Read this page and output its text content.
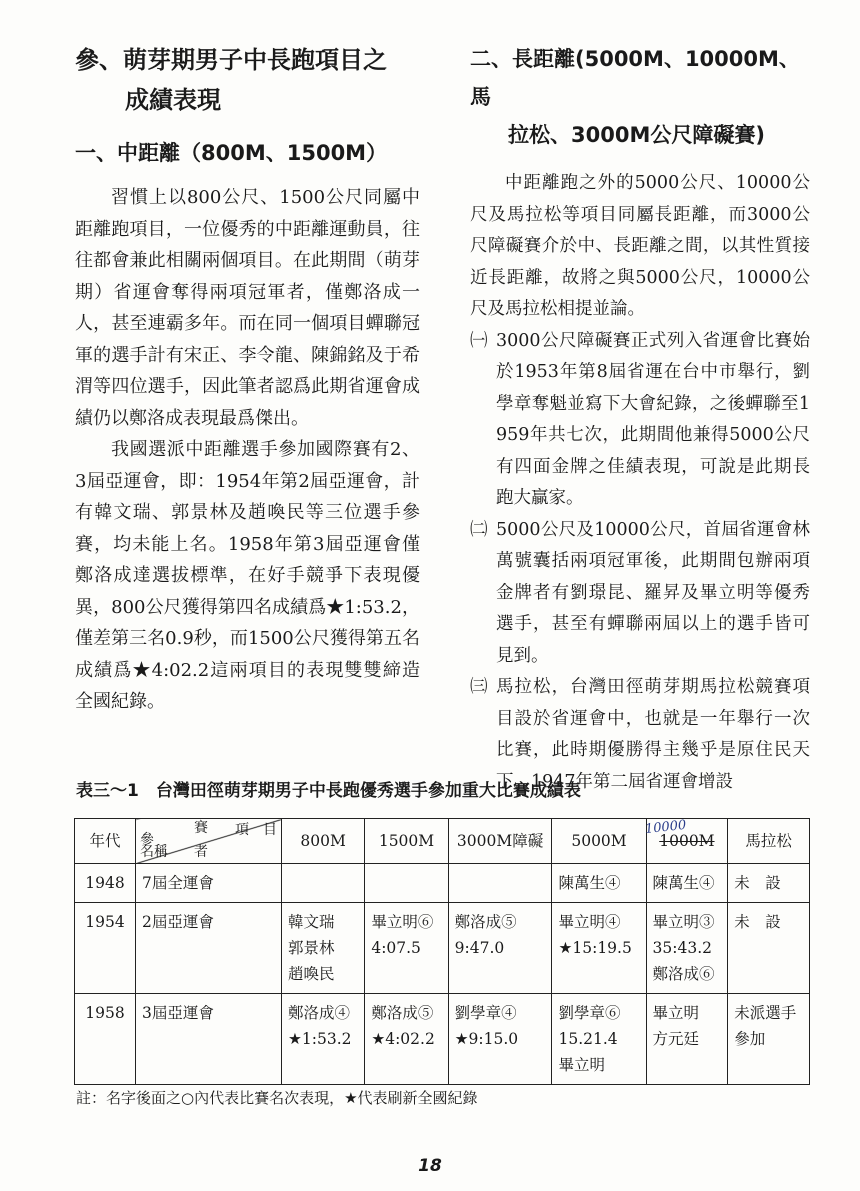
參、萌芽期男子中長跑項目之
成績表現
一、中距離（800M、1500M）

習慣上以800公尺、1500公尺同屬中距離跑項目，一位優秀的中距離運動員，往往都會兼此相關兩個項目。在此期間（萌芽期）省運會奪得兩項冠軍者，僅鄭洛成一人，甚至連霸多年。而在同一個項目蟬聯冠軍的選手計有宋正、李令龍、陳錦銘及于希渭等四位選手，因此筆者認爲此期省運會成績仍以鄭洛成表現最爲傑出。

我國選派中距離選手參加國際賽有2、3屆亞運會，即：1954年第2屆亞運會，計有韓文瑞、郭景林及趙喚民等三位選手參賽，均未能上名。1958年第3屆亞運會僅鄭洛成達選拔標準，在好手競爭下表現優異，800公尺獲得第四名成績爲★1:53.2，僅差第三名0.9秒，而1500公尺獲得第五名成績爲★4:02.2這兩項目的表現雙雙締造全國紀錄。

二、長距離(5000M、10000M、馬
拉松、3000M公尺障礙賽)

中距離跑之外的5000公尺、10000公尺及馬拉松等項目同屬長距離，而3000公尺障礙賽介於中、長距離之間，以其性質接近長距離，故將之與5000公尺，10000公尺及馬拉松相提並論。

㈠ 3000公尺障礙賽正式列入省運會比賽始於1953年第8屆省運在台中市舉行，劉學章奪魁並寫下大會紀錄，之後蟬聯至1959年共七次，此期間他兼得5000公尺有四面金牌之佳績表現，可說是此期長跑大贏家。
㈡ 5000公尺及10000公尺，首屆省運會林萬號囊括兩項冠軍後，此期間包辦兩項金牌者有劉璟昆、羅昇及畢立明等優秀選手，甚至有蟬聯兩屆以上的選手皆可見到。
㈢ 馬拉松，台灣田徑萌芽期馬拉松競賽項目設於省運會中，也就是一年舉行一次比賽，此時期優勝得主幾乎是原住民天下。1947年第二屆省運會增設

表三～1　台灣田徑萌芽期男子中長跑優秀選手參加重大比賽成績表

年代	參
賽
者
名稱
項　目	800M	1500M	3000M障礙	5000M	1000M	馬拉松
1948	7屆全運會				陳萬生④	陳萬生④	未　設

1954	2屆亞運會	韓文瑞
郭景林
趙喚民	畢立明⑥
4:07.5	鄭洛成⑤
9:47.0	畢立明④
★15:19.5	畢立明③
35:43.2
鄭洛成⑥	未　設

1958	3屆亞運會	鄭洛成④
★1:53.2	鄭洛成⑤
★4:02.2	劉學章④
★9:15.0	劉學章⑥
15.21.4
畢立明	畢立明
方元廷	未派選手
參加
10000

註：名字後面之○內代表比賽名次表現，★代表刷新全國紀錄

18
